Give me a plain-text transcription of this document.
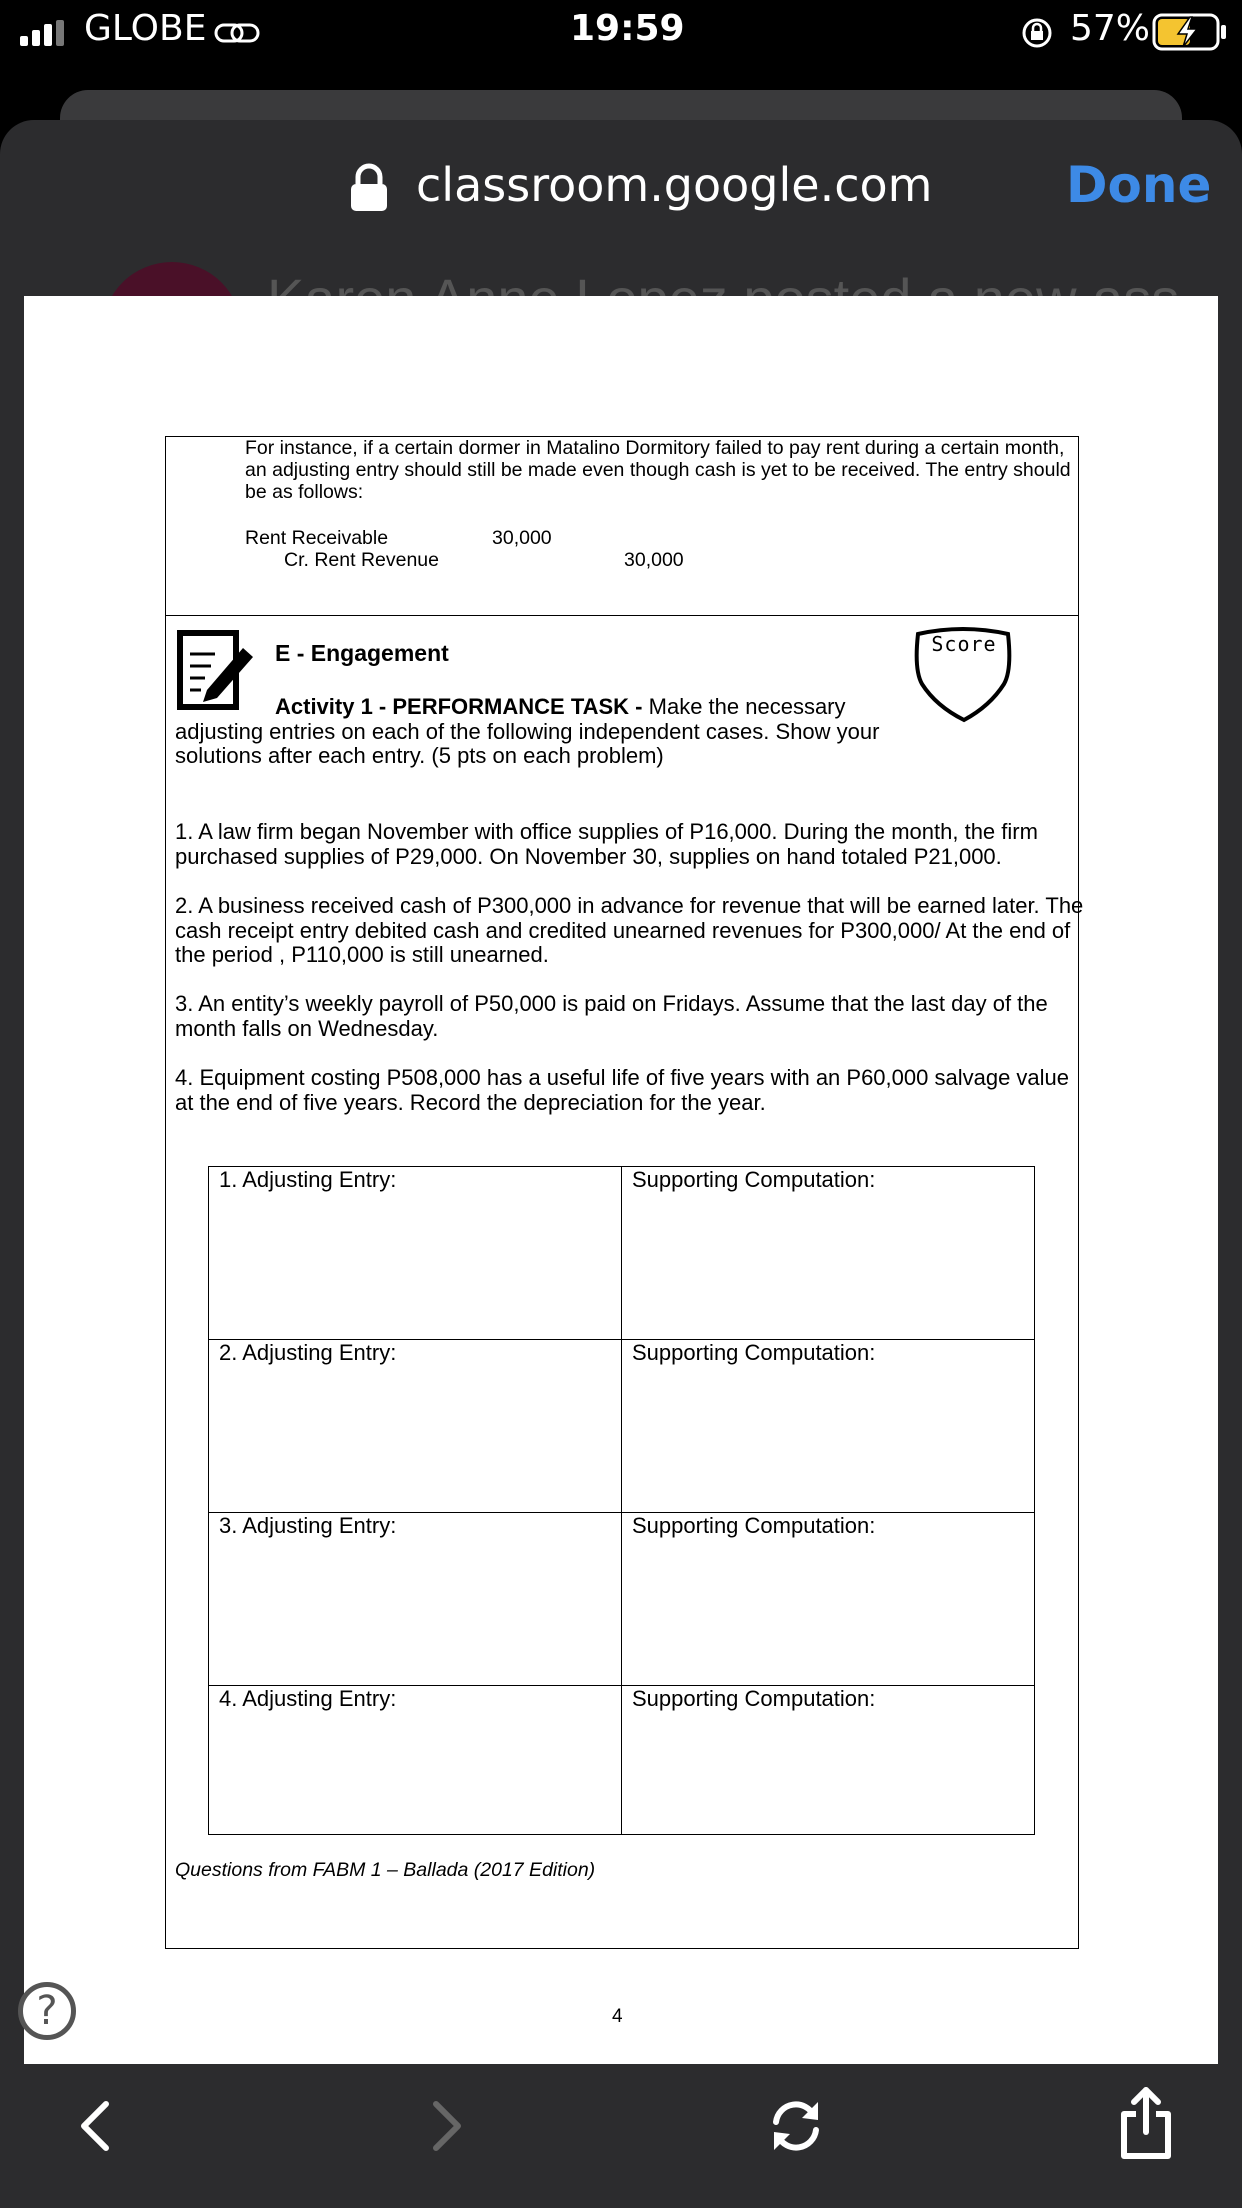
GLOBE	19:59	57%
classroom.google.com	Done
For instance, if a certain dormer in Matalino Dormitory failed to pay rent during a certain month, an adjusting entry should still be made even though cash is yet to be received. The entry should be as follows:
Rent Receivable	30,000
Cr. Rent Revenue	30,000
E - Engagement	Score
Activity 1 - PERFORMANCE TASK - Make the necessary
adjusting entries on each of the following independent cases. Show your
solutions after each entry. (5 pts on each problem)
1. A law firm began November with office supplies of P16,000. During the month, the firm
purchased supplies of P29,000. On November 30, supplies on hand totaled P21,000.
2. A business received cash of P300,000 in advance for revenue that will be earned later. The
cash receipt entry debited cash and credited unearned revenues for P300,000/ At the end of
the period , P110,000 is still unearned.
3. An entity’s weekly payroll of P50,000 is paid on Fridays. Assume that the last day of the
month falls on Wednesday.
4. Equipment costing P508,000 has a useful life of five years with an P60,000 salvage value
at the end of five years. Record the depreciation for the year.
1. Adjusting Entry:	Supporting Computation:
2. Adjusting Entry:	Supporting Computation:
3. Adjusting Entry:	Supporting Computation:
4. Adjusting Entry:	Supporting Computation:
Questions from FABM 1 – Ballada (2017 Edition)
4
?
